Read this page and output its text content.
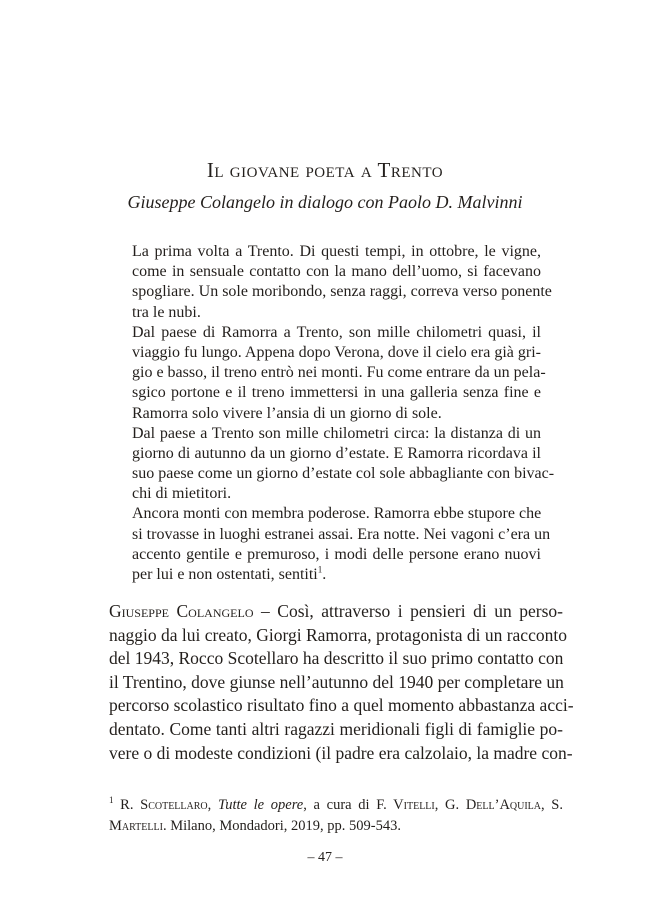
Il giovane poeta a Trento

Giuseppe Colangelo in dialogo con Paolo D. Malvinni

La prima volta a Trento. Di questi tempi, in ottobre, le vigne,
come in sensuale contatto con la mano dell’uomo, si facevano
spogliare. Un sole moribondo, senza raggi, correva verso ponente
tra le nubi.
Dal paese di Ramorra a Trento, son mille chilometri quasi, il
viaggio fu lungo. Appena dopo Verona, dove il cielo era già gri-
gio e basso, il treno entrò nei monti. Fu come entrare da un pela-
sgico portone e il treno immettersi in una galleria senza fine e
Ramorra solo vivere l’ansia di un giorno di sole.
Dal paese a Trento son mille chilometri circa: la distanza di un
giorno di autunno da un giorno d’estate. E Ramorra ricordava il
suo paese come un giorno d’estate col sole abbagliante con bivac-
chi di mietitori.
Ancora monti con membra poderose. Ramorra ebbe stupore che
si trovasse in luoghi estranei assai. Era notte. Nei vagoni c’era un
accento gentile e premuroso, i modi delle persone erano nuovi
per lui e non ostentati, sentiti$^1$.
Giuseppe Colangelo – Così, attraverso i pensieri di un perso-
naggio da lui creato, Giorgi Ramorra, protagonista di un racconto
del 1943, Rocco Scotellaro ha descritto il suo primo contatto con
il Trentino, dove giunse nell’autunno del 1940 per completare un
percorso scolastico risultato fino a quel momento abbastanza acci-
dentato. Come tanti altri ragazzi meridionali figli di famiglie po-
vere o di modeste condizioni (il padre era calzolaio, la madre con-
$^1$ R. Scotellaro, Tutte le opere, a cura di F. Vitelli, G. Dell’Aquila, S.
Martelli. Milano, Mondadori, 2019, pp. 509-543.
– 47 –
